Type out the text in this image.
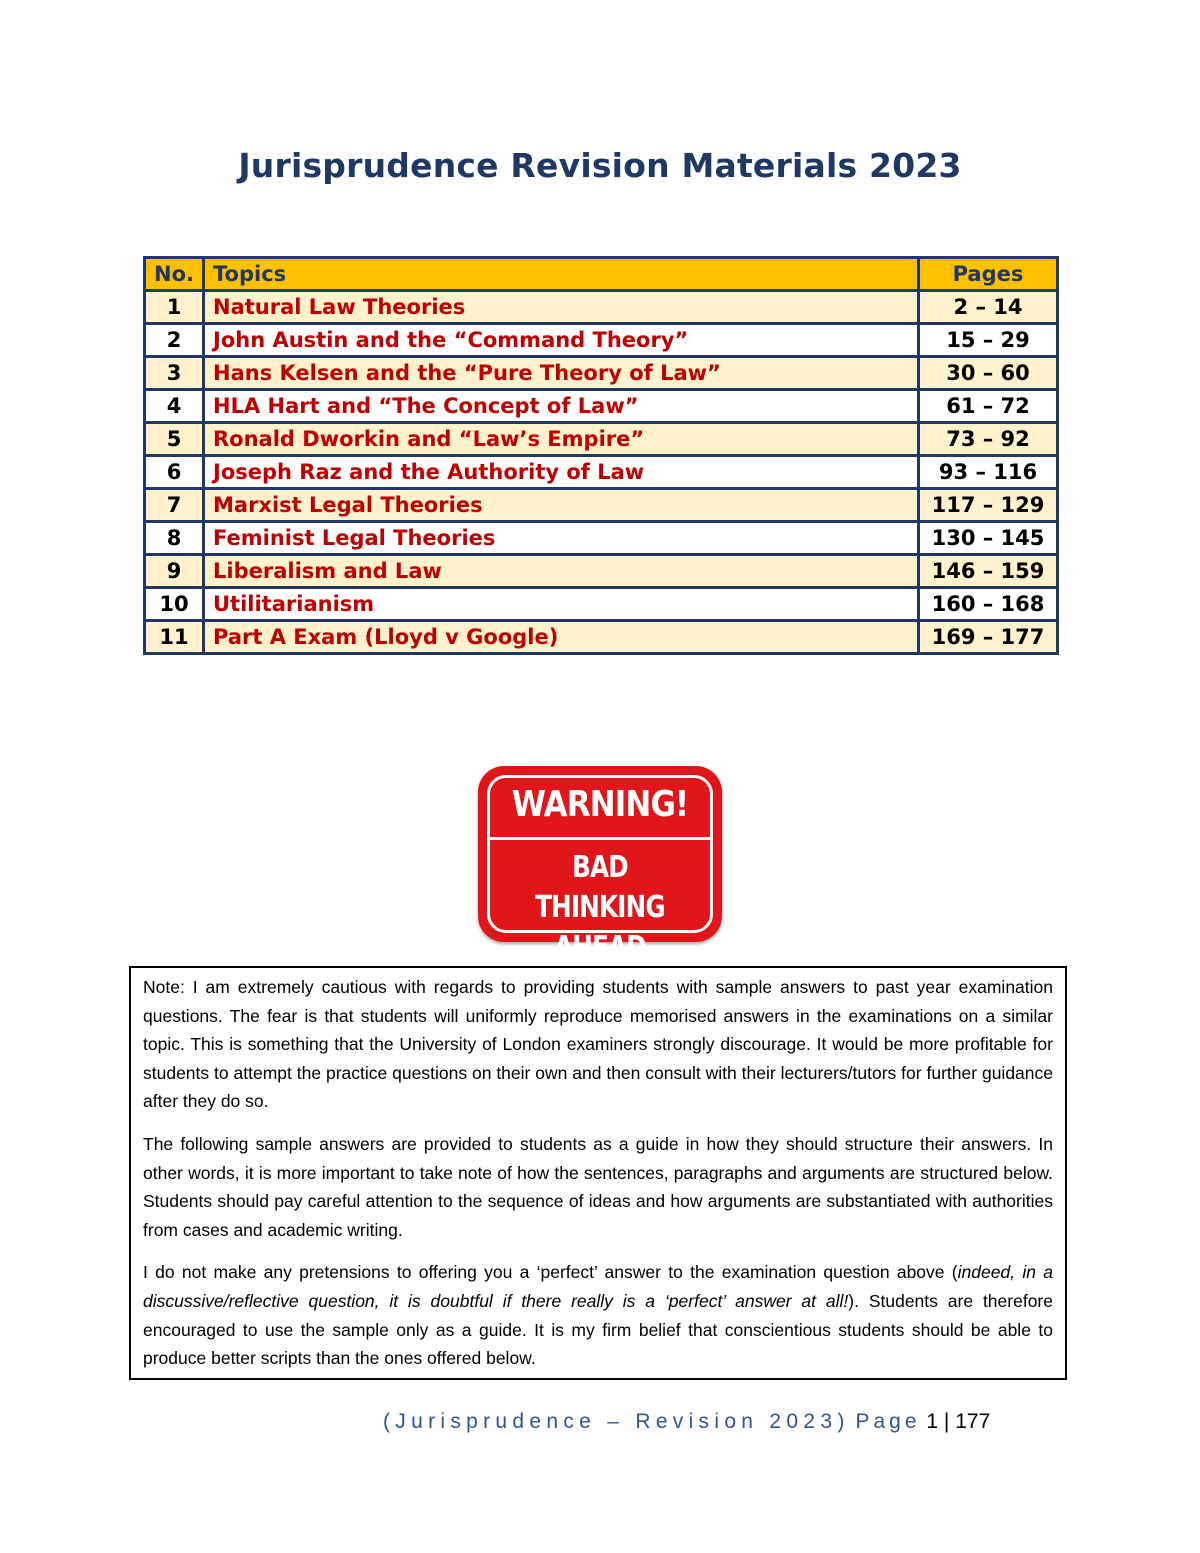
Jurisprudence Revision Materials 2023
No.	Topics	Pages
1	Natural Law Theories	2 – 14
2	John Austin and the “Command Theory”	15 – 29
3	Hans Kelsen and the “Pure Theory of Law”	30 – 60
4	HLA Hart and “The Concept of Law”	61 – 72
5	Ronald Dworkin and “Law’s Empire”	73 – 92
6	Joseph Raz and the Authority of Law	93 – 116
7	Marxist Legal Theories	117 – 129
8	Feminist Legal Theories	130 – 145
9	Liberalism and Law	146 – 159
10	Utilitarianism	160 – 168
11	Part A Exam (Lloyd v Google)	169 – 177
WARNING!
BAD THINKING
AHEAD

Note: I am extremely cautious with regards to providing students with sample answers to past year examination questions. The fear is that students will uniformly reproduce memorised answers in the examinations on a similar topic. This is something that the University of London examiners strongly discourage. It would be more profitable for students to attempt the practice questions on their own and then consult with their lecturers/tutors for further guidance after they do so.

The following sample answers are provided to students as a guide in how they should structure their answers. In other words, it is more important to take note of how the sentences, paragraphs and arguments are structured below. Students should pay careful attention to the sequence of ideas and how arguments are substantiated with authorities from cases and academic writing.

I do not make any pretensions to offering you a ‘perfect’ answer to the examination question above (indeed, in a discussive/reflective question, it is doubtful if there really is a ‘perfect’ answer at all!). Students are therefore encouraged to use the sample only as a guide. It is my firm belief that conscientious students should be able to produce better scripts than the ones offered below.

(Jurisprudence – Revision 2023) Page 1 | 177
